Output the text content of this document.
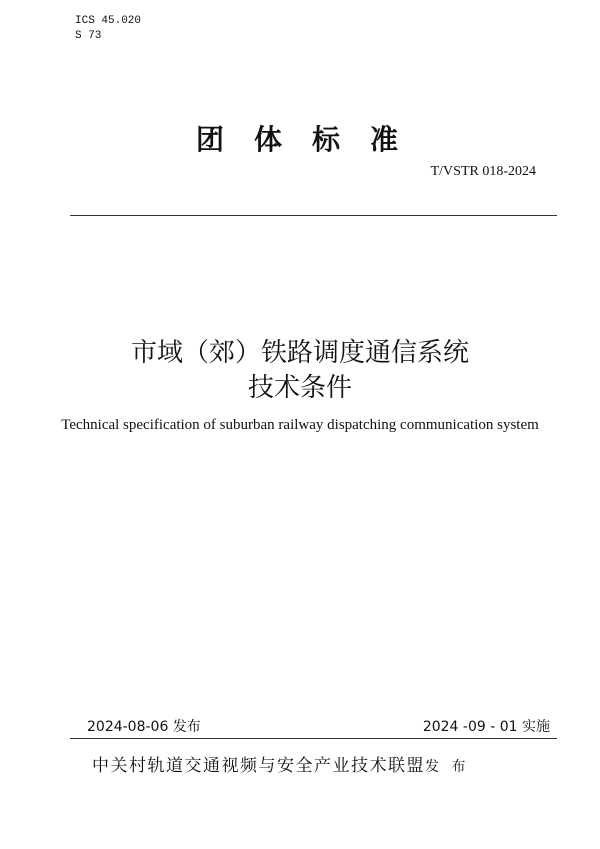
ICS 45.020
S 73
团体标准
T/VSTR 018-2024
市域（郊）铁路调度通信系统
技术条件
Technical specification of suburban railway dispatching communication system
2024-08-06 发布	2024 -09 - 01 实施
中关村轨道交通视频与安全产业技术联盟发 布
